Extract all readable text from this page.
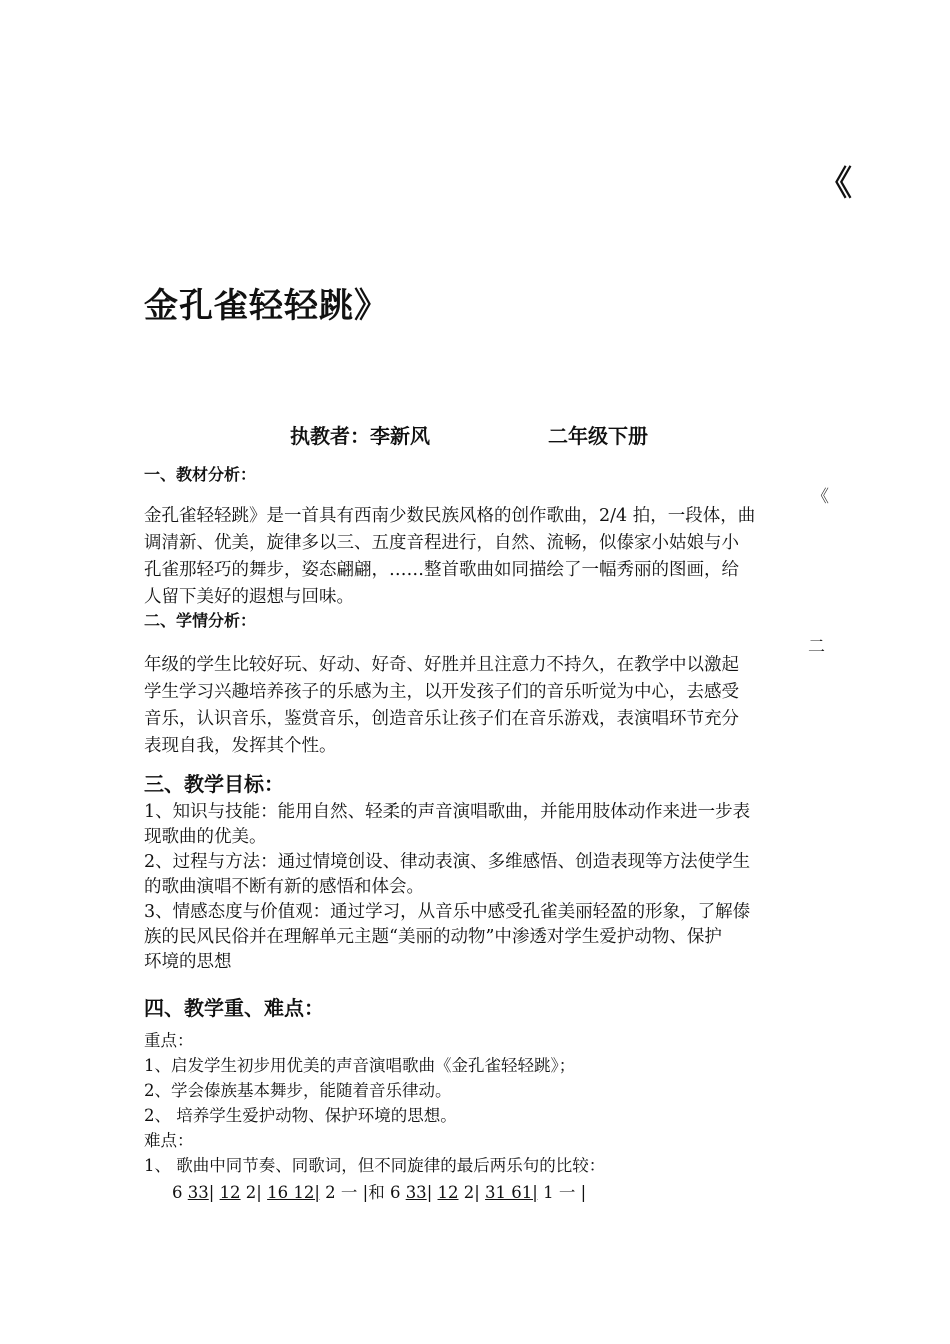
《
金孔雀轻轻跳》
执教者：李新风	二年级下册
一、教材分析：
《

金孔雀轻轻跳》是一首具有西南少数民族风格的创作歌曲，2/4 拍，一段体，曲

调清新、优美，旋律多以三、五度音程进行，自然、流畅，似傣家小姑娘与小

孔雀那轻巧的舞步，姿态翩翩，……整首歌曲如同描绘了一幅秀丽的图画，给

人留下美好的遐想与回味。

二、学情分析：
二

年级的学生比较好玩、好动、好奇、好胜并且注意力不持久，在教学中以激起

学生学习兴趣培养孩子的乐感为主，以开发孩子们的音乐听觉为中心，去感受

音乐，认识音乐，鉴赏音乐，创造音乐让孩子们在音乐游戏，表演唱环节充分

表现自我，发挥其个性。

三、教学目标：

1、知识与技能：能用自然、轻柔的声音演唱歌曲，并能用肢体动作来进一步表

现歌曲的优美。

2、过程与方法：通过情境创设、律动表演、多维感悟、创造表现等方法使学生

的歌曲演唱不断有新的感悟和体会。

3、情感态度与价值观：通过学习，从音乐中感受孔雀美丽轻盈的形象，了解傣

族的民风民俗并在理解单元主题“美丽的动物”中渗透对学生爱护动物、保护

环境的思想

四、教学重、难点：
重点：
1、启发学生初步用优美的声音演唱歌曲《金孔雀轻轻跳》；
2、学会傣族基本舞步，能随着音乐律动。
2、 培养学生爱护动物、保护环境的思想。
难点：
1、 歌曲中同节奏、同歌词，但不同旋律的最后两乐句的比较：
6 33| 12 2| 16 12| 2 一 |和 6 33| 12 2| 31 61| 1 一 |
